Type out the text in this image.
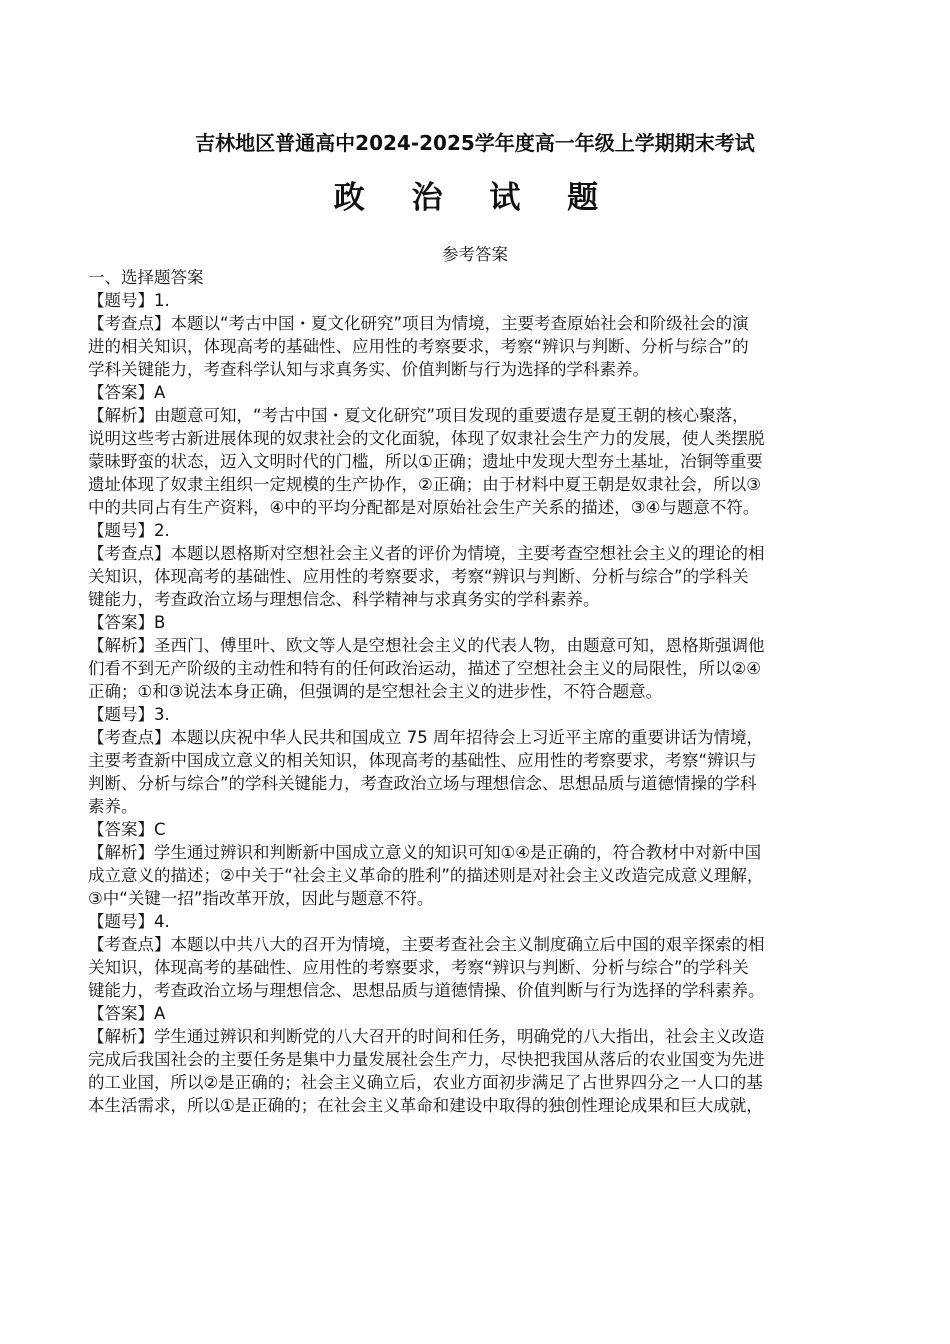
吉林地区普通高中2024-2025学年度高一年级上学期期末考试
政 治 试 题
参考答案
一、选择题答案
【题号】1.
【考查点】本题以“考古中国・夏文化研究”项目为情境，主要考查原始社会和阶级社会的演
进的相关知识，体现高考的基础性、应用性的考察要求，考察“辨识与判断、分析与综合”的
学科关键能力，考查科学认知与求真务实、价值判断与行为选择的学科素养。
【答案】A
【解析】由题意可知，“考古中国・夏文化研究”项目发现的重要遗存是夏王朝的核心聚落，
说明这些考古新进展体现的奴隶社会的文化面貌，体现了奴隶社会生产力的发展，使人类摆脱
蒙昧野蛮的状态，迈入文明时代的门槛，所以①正确；遗址中发现大型夯土基址，冶铜等重要
遗址体现了奴隶主组织一定规模的生产协作，②正确；由于材料中夏王朝是奴隶社会，所以③
中的共同占有生产资料，④中的平均分配都是对原始社会生产关系的描述，③④与题意不符。
【题号】2.
【考查点】本题以恩格斯对空想社会主义者的评价为情境，主要考查空想社会主义的理论的相
关知识，体现高考的基础性、应用性的考察要求，考察“辨识与判断、分析与综合”的学科关
键能力，考查政治立场与理想信念、科学精神与求真务实的学科素养。
【答案】B
【解析】圣西门、傅里叶、欧文等人是空想社会主义的代表人物，由题意可知，恩格斯强调他
们看不到无产阶级的主动性和特有的任何政治运动，描述了空想社会主义的局限性，所以②④
正确；①和③说法本身正确，但强调的是空想社会主义的进步性，不符合题意。
【题号】3.
【考查点】本题以庆祝中华人民共和国成立 75 周年招待会上习近平主席的重要讲话为情境，
主要考查新中国成立意义的相关知识，体现高考的基础性、应用性的考察要求，考察“辨识与
判断、分析与综合”的学科关键能力，考查政治立场与理想信念、思想品质与道德情操的学科
素养。
【答案】C
【解析】学生通过辨识和判断新中国成立意义的知识可知①④是正确的，符合教材中对新中国
成立意义的描述；②中关于“社会主义革命的胜利”的描述则是对社会主义改造完成意义理解，
③中“关键一招”指改革开放，因此与题意不符。
【题号】4.
【考查点】本题以中共八大的召开为情境，主要考查社会主义制度确立后中国的艰辛探索的相
关知识，体现高考的基础性、应用性的考察要求，考察“辨识与判断、分析与综合”的学科关
键能力，考查政治立场与理想信念、思想品质与道德情操、价值判断与行为选择的学科素养。
【答案】A
【解析】学生通过辨识和判断党的八大召开的时间和任务，明确党的八大指出，社会主义改造
完成后我国社会的主要任务是集中力量发展社会生产力，尽快把我国从落后的农业国变为先进
的工业国，所以②是正确的；社会主义确立后，农业方面初步满足了占世界四分之一人口的基
本生活需求，所以①是正确的；在社会主义革命和建设中取得的独创性理论成果和巨大成就，
